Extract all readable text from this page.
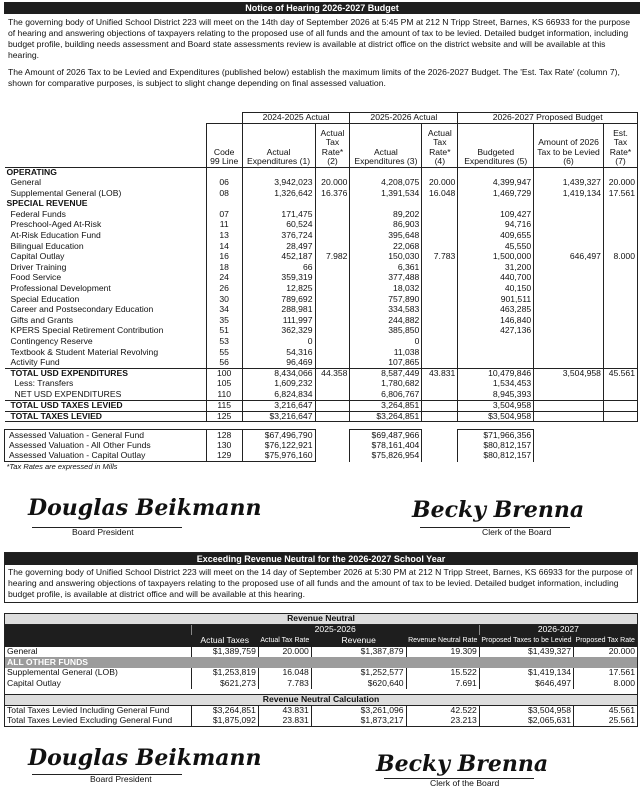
Notice of Hearing 2026-2027 Budget
The governing body of Unified School District 223 will meet on the 14th day of September 2026 at 5:45 PM at 212 N Tripp Street, Barnes, KS 66933 for the purpose of hearing and answering objections of taxpayers relating to the proposed use of all funds and the amount of tax to be levied. Detailed budget information, including budget profile, building needs assessment and Board state assessments review is available at district office on the district website and will be available at this hearing.
The Amount of 2026 Tax to be Levied and Expenditures (published below) establish the maximum limits of the 2026-2027 Budget. The 'Est. Tax Rate' (column 7), shown for comparative purposes, is subject to slight change depending on final assessed valuation.
		2024-2025 Actual		2025-2026 Actual		2026-2027 Proposed Budget		
	Code 99 Line	Actual Expenditures (1)	Actual Tax Rate* (2)	Actual Expenditures (3)	Actual Tax Rate* (4)	Budgeted Expenditures (5)	Amount of 2026 Tax to be Levied (6)	Est. Tax Rate* (7)
OPERATING								
General	06	3,942,023	20.000	4,208,075	20.000	4,399,947	1,439,327	20.000
Supplemental General (LOB)	08	1,326,642	16.376	1,391,534	16.048	1,469,729	1,419,134	17.561
SPECIAL REVENUE								
Federal Funds	07	171,475		89,202		109,427		
Preschool-Aged At-Risk	11	60,524		86,903		94,716		
At-Risk Education Fund	13	376,724		395,648		409,655		
Bilingual Education	14	28,497		22,068		45,550		
Capital Outlay	16	452,187	7.982	150,030	7.783	1,500,000	646,497	8.000
Driver Training	18	66		6,361		31,200		
Food Service	24	359,319		377,488		440,700		
Professional Development	26	12,825		18,032		40,150		
Special Education	30	789,692		757,890		901,511		
Career and Postsecondary Education	34	288,981		334,583		463,285		
Gifts and Grants	35	111,997		244,882		146,840		
KPERS Special Retirement Contribution	51	362,329		385,850		427,136		
Contingency Reserve	53	0		0				
Textbook & Student Material Revolving	55	54,316		11,038				
Activity Fund	56	96,469		107,865				
TOTAL USD EXPENDITURES	100	8,434,066	44.358	8,587,449	43.831	10,479,846	3,504,958	45.561
Less: Transfers	105	1,609,232		1,780,682		1,534,453		
NET USD EXPENDITURES	110	6,824,834		6,806,767		8,945,393		
TOTAL USD TAXES LEVIED	115	3,216,647		3,264,851		3,504,958		
TOTAL TAXES LEVIED	125	$3,216,647		$3,264,851		$3,504,958		

Assessed Valuation - General Fund	128	$67,496,790		$69,487,966		$71,966,356		
Assessed Valuation - All Other Funds	130	$76,122,921		$78,161,404		$80,812,157		
Assessed Valuation - Capital Outlay	129	$75,976,160		$75,826,954		$80,812,157		
*Tax Rates are expressed in Mills								
Douglas Beikmann
Board President
Becky Brenna
Clerk of the Board
Exceeding Revenue Neutral for the 2026-2027 School Year
The governing body of Unified School District 223 will meet on the 14 day of September 2026 at 5:30 PM at 212 N Tripp Street, Barnes, KS 66933 for the purpose of hearing and answering objections of taxpayers relating to the proposed use of all funds and the amount of tax to be levied. Detailed budget information, including budget profile, is available at district office and will be available at this hearing.
Revenue Neutral						
	2025-2026				2026-2027	
	Actual Taxes	Actual Tax Rate	Revenue	Revenue Neutral Rate	Proposed Taxes to be Levied	Proposed Tax Rate
General	$1,389,759	20.000	$1,387,879	19.309	$1,439,327	20.000
ALL OTHER FUNDS						
Supplemental General (LOB)	$1,253,819	16.048	$1,252,577	15.522	$1,419,134	17.561
Capital Outlay	$621,273	7.783	$620,640	7.691	$646,497	8.000

Revenue Neutral Calculation						
Total Taxes Levied Including General Fund	$3,264,851	43.831	$3,261,096	42.522	$3,504,958	45.561
Total Taxes Levied Excluding General Fund	$1,875,092	23.831	$1,873,217	23.213	$2,065,631	25.561
Douglas Beikmann
Board President
Becky Brenna
Clerk of the Board
